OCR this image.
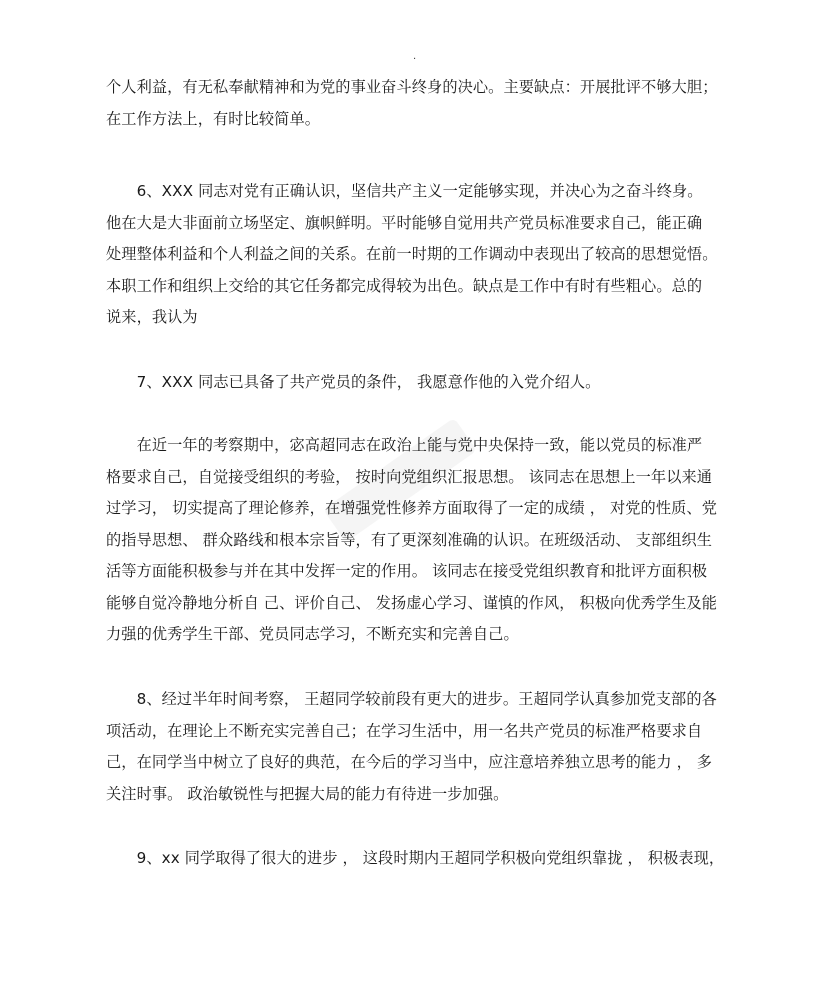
.
个人利益，有无私奉献精神和为党的事业奋斗终身的决心。主要缺点：开展批评不够大胆；
在工作方法上，有时比较简单。
　　6、XXX 同志对党有正确认识，坚信共产主义一定能够实现，并决心为之奋斗终身。
他在大是大非面前立场坚定、旗帜鲜明。平时能够自觉用共产党员标准要求自己，能正确
处理整体利益和个人利益之间的关系。在前一时期的工作调动中表现出了较高的思想觉悟。
本职工作和组织上交给的其它任务都完成得较为出色。缺点是工作中有时有些粗心。总的
说来，我认为
　　7、XXX 同志已具备了共产党员的条件， 我愿意作他的入党介绍人。
　　在近一年的考察期中，宓高超同志在政治上能与党中央保持一致，能以党员的标准严
格要求自己，自觉接受组织的考验， 按时向党组织汇报思想。 该同志在思想上一年以来通
过学习， 切实提高了理论修养，在增强党性修养方面取得了一定的成绩 ， 对党的性质、党
的指导思想、 群众路线和根本宗旨等，有了更深刻准确的认识。在班级活动、 支部组织生
活等方面能积极参与并在其中发挥一定的作用。 该同志在接受党组织教育和批评方面积极
能够自觉冷静地分析自 己、评价自己、 发扬虚心学习、谨慎的作风， 积极向优秀学生及能
力强的优秀学生干部、党员同志学习，不断充实和完善自己。
　　8、经过半年时间考察， 王超同学较前段有更大的进步。王超同学认真参加党支部的各
项活动，在理论上不断充实完善自己；在学习生活中，用一名共产党员的标准严格要求自
己，在同学当中树立了良好的典范，在今后的学习当中，应注意培养独立思考的能力 ， 多
关注时事。 政治敏锐性与把握大局的能力有待进一步加强。
　　9、xx 同学取得了很大的进步 ， 这段时期内王超同学积极向党组织靠拢 ， 积极表现，
